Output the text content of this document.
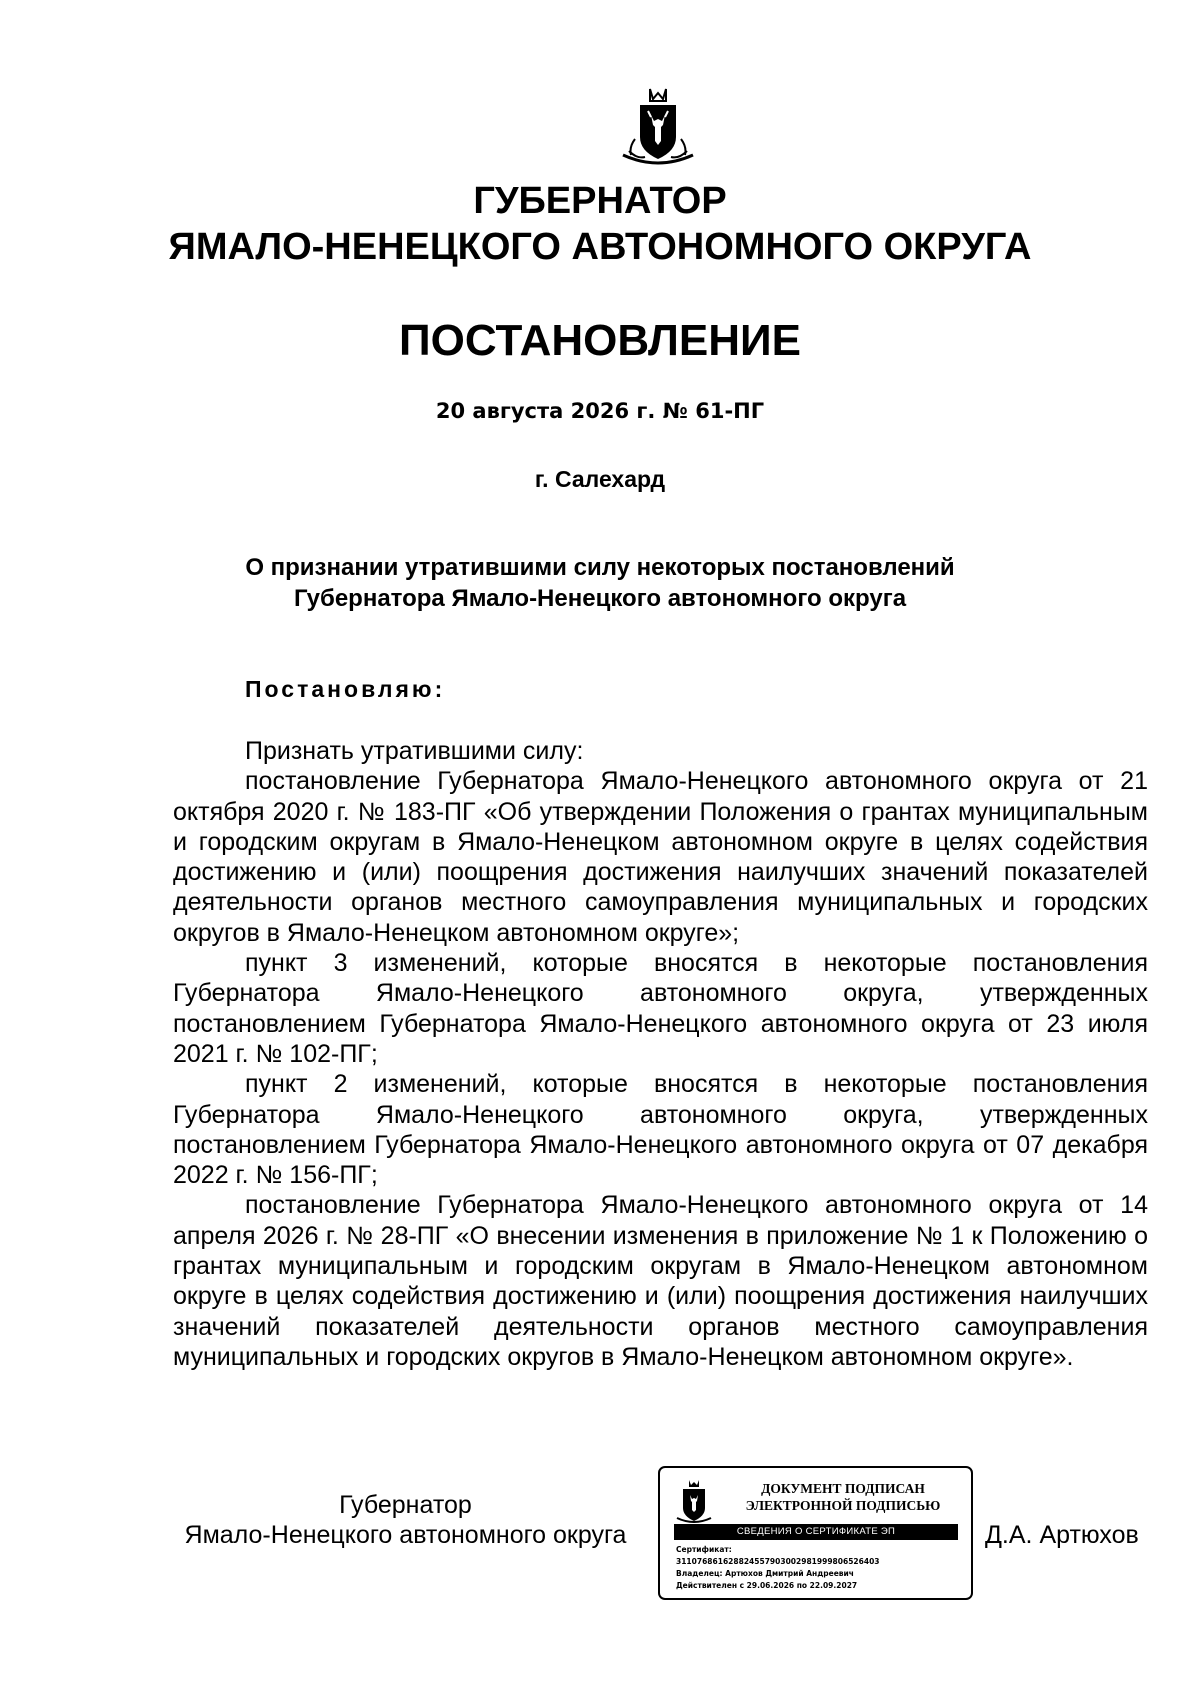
ГУБЕРНАТОР
ЯМАЛО-НЕНЕЦКОГО АВТОНОМНОГО ОКРУГА
ПОСТАНОВЛЕНИЕ
20 августа 2026 г. № 61-ПГ
г. Салехард
О признании утратившими силу некоторых постановлений
Губернатора Ямало-Ненецкого автономного округа
Постановляю:

Признать утратившими силу:

постановление Губернатора Ямало-Ненецкого автономного округа от 21 октября 2020 г. № 183-ПГ «Об утверждении Положения о грантах муниципальным и городским округам в Ямало-Ненецком автономном округе в целях содействия достижению и (или) поощрения достижения наилучших значений показателей деятельности органов местного самоуправления муниципальных и городских округов в Ямало-Ненецком автономном округе»;

пункт 3 изменений, которые вносятся в некоторые постановления Губернатора Ямало-Ненецкого автономного округа, утвержденных постановлением Губернатора Ямало-Ненецкого автономного округа от 23 июля 2021 г. № 102-ПГ;

пункт 2 изменений, которые вносятся в некоторые постановления Губернатора Ямало-Ненецкого автономного округа, утвержденных постановлением Губернатора Ямало-Ненецкого автономного округа от 07 декабря 2022 г. № 156-ПГ;

постановление Губернатора Ямало-Ненецкого автономного округа от 14 апреля 2026 г. № 28-ПГ «О внесении изменения в приложение № 1 к Положению о грантах муниципальным и городским округам в Ямало-Ненецком автономном округе в целях содействия достижению и (или) поощрения достижения наилучших значений показателей деятельности органов местного самоуправления муниципальных и городских округов в Ямало-Ненецком автономном округе».

Губернатор
Ямало-Ненецкого автономного округа
ДОКУМЕНТ ПОДПИСАН
ЭЛЕКТРОННОЙ ПОДПИСЬЮ
СВЕДЕНИЯ О СЕРТИФИКАТЕ ЭП
Сертификат:
311076861628824557903002981999806526403
Владелец: Артюхов Дмитрий Андреевич
Действителен с 29.06.2026 по 22.09.2027
Д.А. Артюхов
